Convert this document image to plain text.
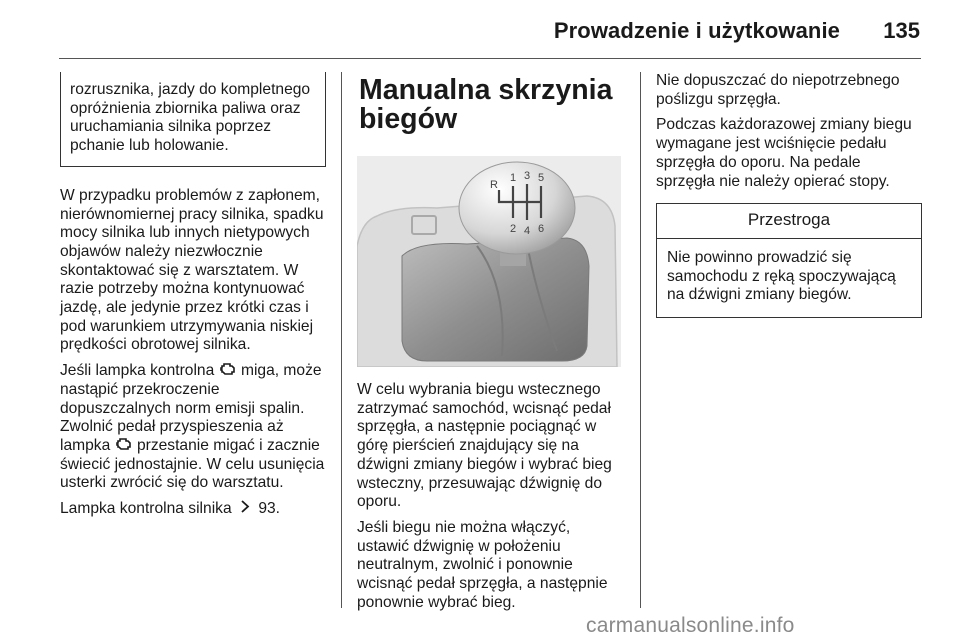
Prowadzenie i użytkowanie 135
rozrusznika, jazdy do kompletnego opróżnienia zbiornika paliwa oraz uruchamiania silnika poprzez pchanie lub holowanie.

W przypadku problemów z zapłonem, nierównomiernej pracy silnika, spadku mocy silnika lub innych nietypowych objawów należy niezwłocznie skontaktować się z warsztatem. W razie potrzeby można kontynuować jazdę, ale jedynie przez krótki czas i pod warunkiem utrzymywania niskiej prędkości obrotowej silnika.

Jeśli lampka kontrolna miga, może nastąpić przekroczenie dopuszczalnych norm emisji spalin. Zwolnić pedał przyspieszenia aż lampka przestanie migać i zacznie świecić jednostajnie. W celu usunięcia usterki zwrócić się do warsztatu.

Lampka kontrolna silnika 93.

Manualna skrzynia biegów
R
1 3 5
2 4 6

W celu wybrania biegu wstecznego zatrzymać samochód, wcisnąć pedał sprzęgła, a następnie pociągnąć w górę pierścień znajdujący się na dźwigni zmiany biegów i wybrać bieg wsteczny, przesuwając dźwignię do oporu.

Jeśli biegu nie można włączyć, ustawić dźwignię w położeniu neutralnym, zwolnić i ponownie wcisnąć pedał sprzęgła, a następnie ponownie wybrać bieg.

Nie dopuszczać do niepotrzebnego poślizgu sprzęgła.

Podczas każdorazowej zmiany biegu wymagane jest wciśnięcie pedału sprzęgła do oporu. Na pedale sprzęgła nie należy opierać stopy.

Przestroga
Nie powinno prowadzić się samochodu z ręką spoczywającą na dźwigni zmiany biegów.
carmanualsonline.info
